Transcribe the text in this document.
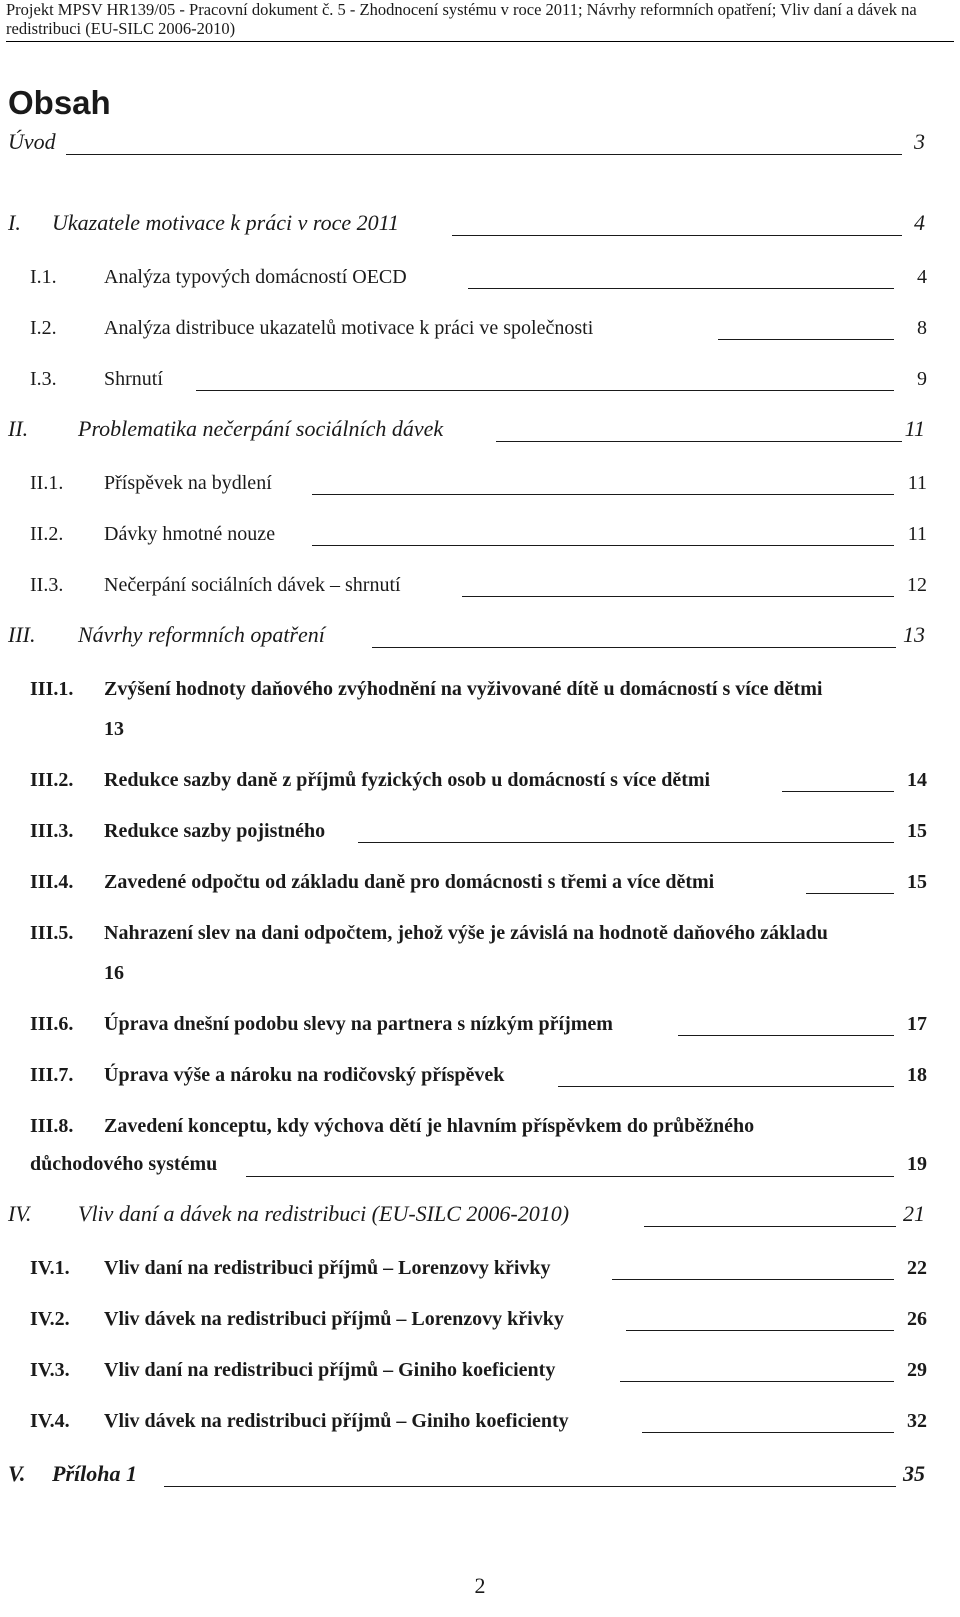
Projekt MPSV HR139/05 - Pracovní dokument č. 5 - Zhodnocení systému v roce 2011; Návrhy reformních opatření; Vliv daní a dávek na
redistribuci (EU-SILC 2006-2010)
Obsah
Úvod	3
I. Ukazatele motivace k práci v roce 2011	4
I.1. Analýza typových domácností OECD	4
I.2. Analýza distribuce ukazatelů motivace k práci ve společnosti	8
I.3. Shrnutí	9
II. Problematika nečerpání sociálních dávek	11
II.1. Příspěvek na bydlení	11
II.2. Dávky hmotné nouze	11
II.3. Nečerpání sociálních dávek – shrnutí	12
III. Návrhy reformních opatření	13
III.1. Zvýšení hodnoty daňového zvýhodnění na vyživované dítě u domácností s více dětmi
13
III.2. Redukce sazby daně z příjmů fyzických osob u domácností s více dětmi	14
III.3. Redukce sazby pojistného	15
III.4. Zavedené odpočtu od základu daně pro domácnosti s třemi a více dětmi	15
III.5. Nahrazení slev na dani odpočtem, jehož výše je závislá na hodnotě daňového základu
16
III.6. Úprava dnešní podobu slevy na partnera s nízkým příjmem	17
III.7. Úprava výše a nároku na rodičovský příspěvek	18
III.8. Zavedení konceptu, kdy výchova dětí je hlavním příspěvkem do průběžného
důchodového systému	19
IV. Vliv daní a dávek na redistribuci (EU-SILC 2006-2010)	21
IV.1. Vliv daní na redistribuci příjmů – Lorenzovy křivky	22
IV.2. Vliv dávek na redistribuci příjmů – Lorenzovy křivky	26
IV.3. Vliv daní na redistribuci příjmů – Giniho koeficienty	29
IV.4. Vliv dávek na redistribuci příjmů – Giniho koeficienty	32
V. Příloha 1	35
2
